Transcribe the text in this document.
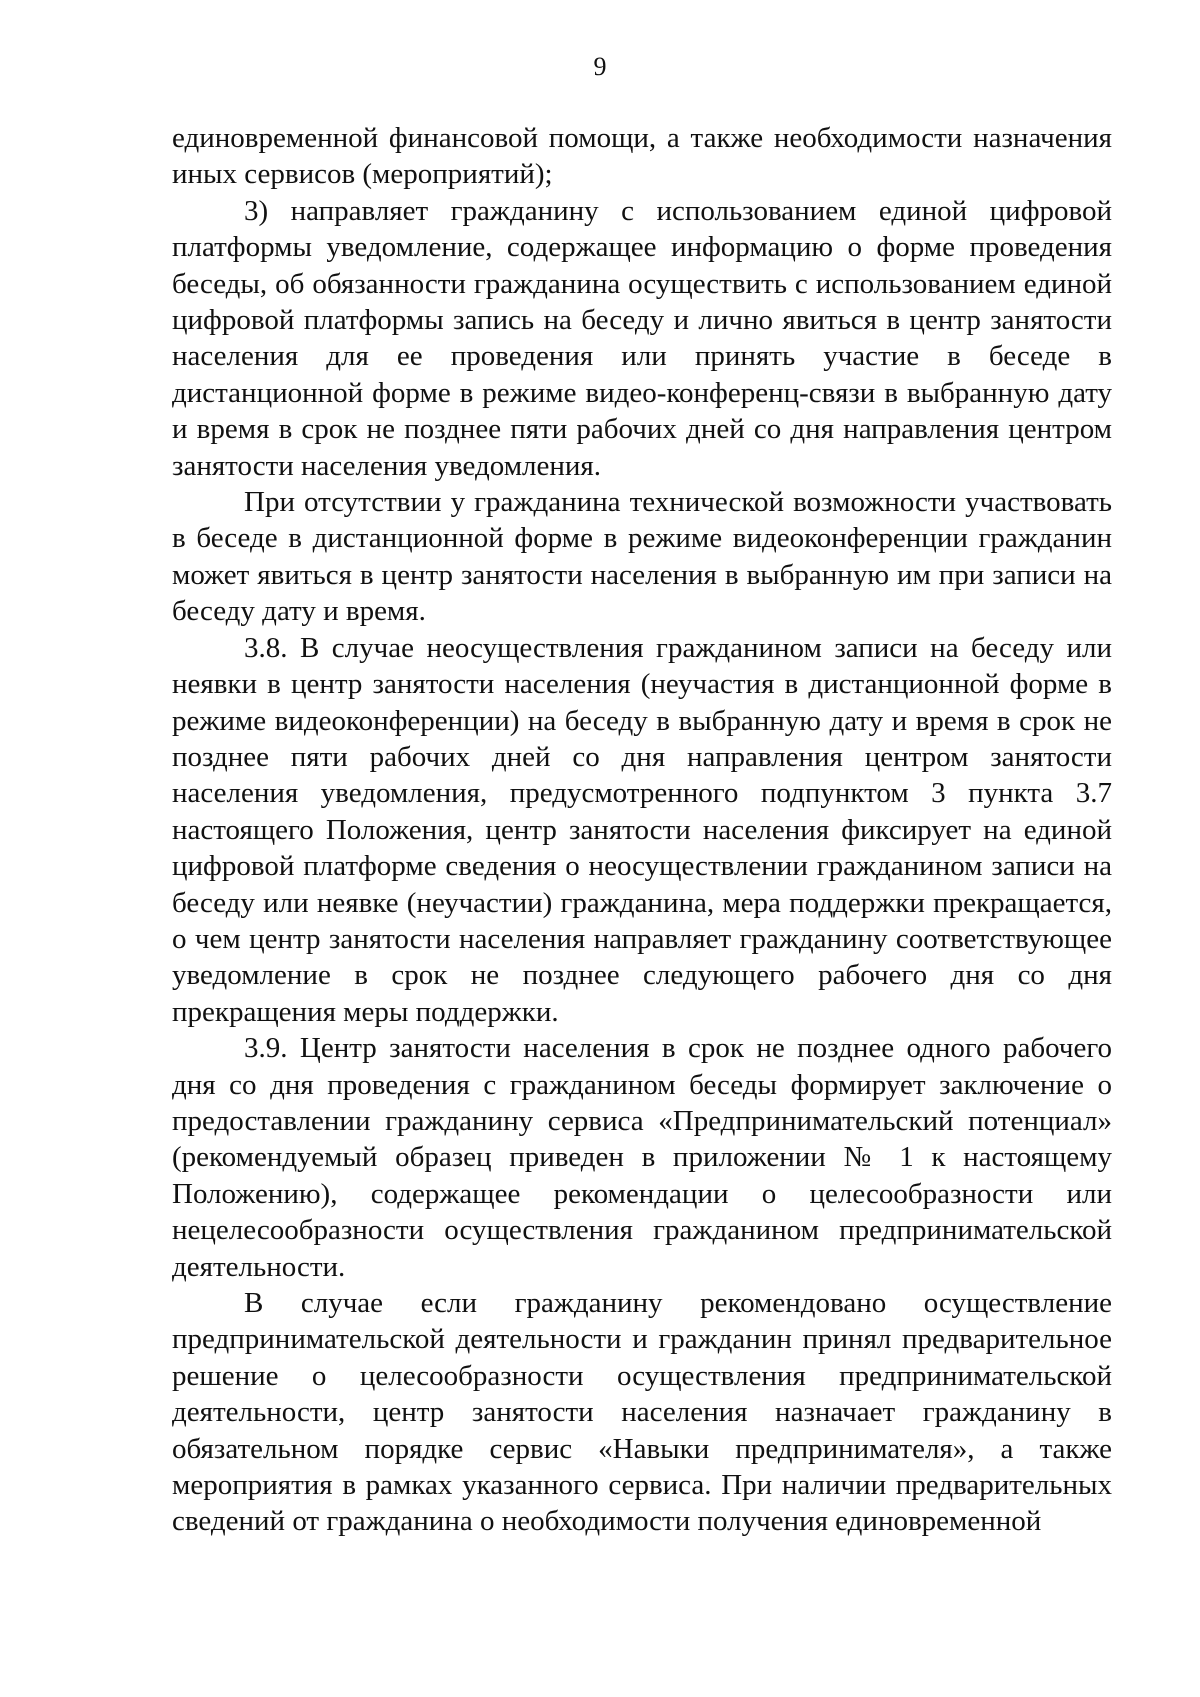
9

единовременной финансовой помощи, а также необходимости назначения иных сервисов (мероприятий);

3) направляет гражданину с использованием единой цифровой платформы уведомление, содержащее информацию о форме проведения беседы, об обязанности гражданина осуществить с использованием единой цифровой платформы запись на беседу и лично явиться в центр занятости населения для ее проведения или принять участие в беседе в дистанционной форме в режиме видео-конференц-связи в выбранную дату и время в срок не позднее пяти рабочих дней со дня направления центром занятости населения уведомления.

При отсутствии у гражданина технической возможности участвовать в беседе в дистанционной форме в режиме видеоконференции гражданин может явиться в центр занятости населения в выбранную им при записи на беседу дату и время.

3.8. В случае неосуществления гражданином записи на беседу или неявки в центр занятости населения (неучастия в дистанционной форме в режиме видеоконференции) на беседу в выбранную дату и время в срок не позднее пяти рабочих дней со дня направления центром занятости населения уведомления, предусмотренного подпунктом 3 пункта 3.7 настоящего Положения, центр занятости населения фиксирует на единой цифровой платформе сведения о неосуществлении гражданином записи на беседу или неявке (неучастии) гражданина, мера поддержки прекращается, о чем центр занятости населения направляет гражданину соответствующее уведомление в срок не позднее следующего рабочего дня со дня прекращения меры поддержки.

3.9. Центр занятости населения в срок не позднее одного рабочего дня со дня проведения с гражданином беседы формирует заключение о предоставлении гражданину сервиса «Предпринимательский потенциал» (рекомендуемый образец приведен в приложении № 1 к настоящему Положению), содержащее рекомендации о целесообразности или нецелесообразности осуществления гражданином предпринимательской деятельности.

В случае если гражданину рекомендовано осуществление предпринимательской деятельности и гражданин принял предварительное решение о целесообразности осуществления предпринимательской деятельности, центр занятости населения назначает гражданину в обязательном порядке сервис «Навыки предпринимателя», а также мероприятия в рамках указанного сервиса. При наличии предварительных сведений от гражданина о необходимости получения единовременной
